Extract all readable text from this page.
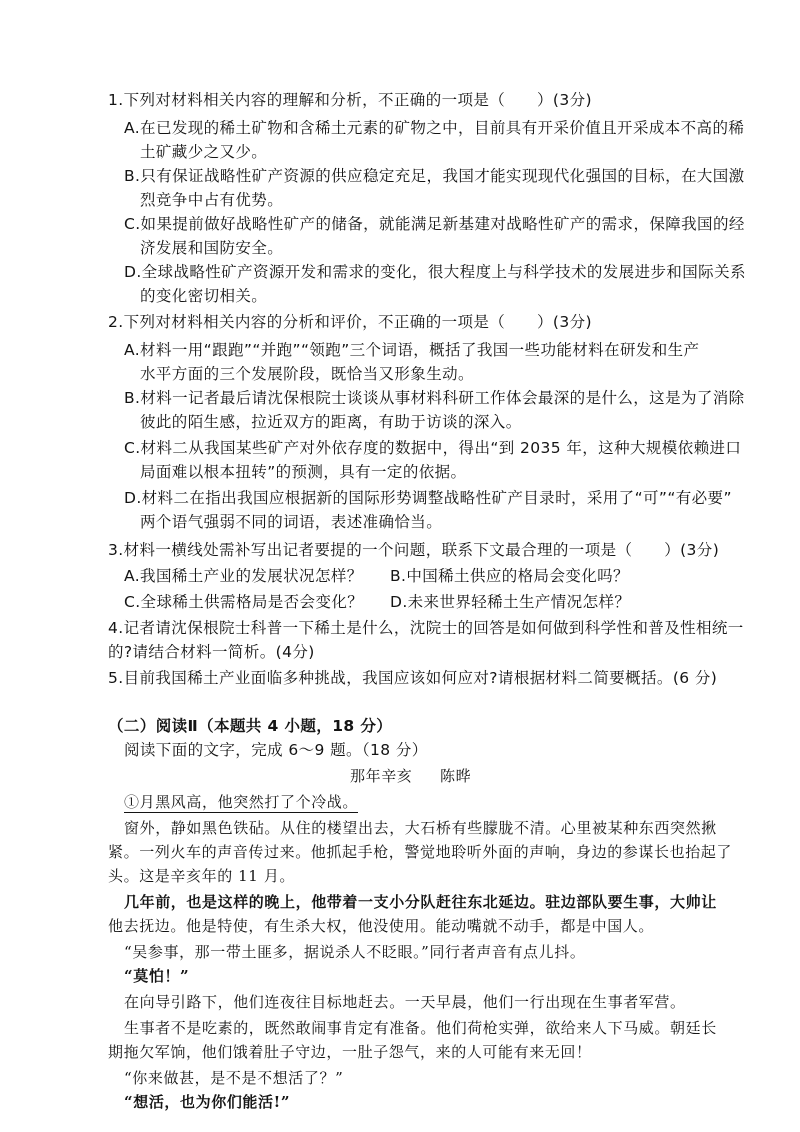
1.下列对材料相关内容的理解和分析，不正确的一项是（　　）(3分)
A.在已发现的稀土矿物和含稀土元素的矿物之中，目前具有开采价值且开采成本不高的稀
土矿藏少之又少。
B.只有保证战略性矿产资源的供应稳定充足，我国才能实现现代化强国的目标，在大国激
烈竞争中占有优势。
C.如果提前做好战略性矿产的储备，就能满足新基建对战略性矿产的需求，保障我国的经
济发展和国防安全。
D.全球战略性矿产资源开发和需求的变化，很大程度上与科学技术的发展进步和国际关系
的变化密切相关。
2.下列对材料相关内容的分析和评价，不正确的一项是（　　）(3分)
A.材料一用“跟跑”“并跑”“领跑”三个词语，概括了我国一些功能材料在研发和生产
水平方面的三个发展阶段，既恰当又形象生动。
B.材料一记者最后请沈保根院士谈谈从事材料科研工作体会最深的是什么，这是为了消除
彼此的陌生感，拉近双方的距离，有助于访谈的深入。
C.材料二从我国某些矿产对外依存度的数据中，得出“到 2035 年，这种大规模依赖进口
局面难以根本扭转”的预测，具有一定的依据。
D.材料二在指出我国应根据新的国际形势调整战略性矿产目录时，采用了“可”“有必要”
两个语气强弱不同的词语，表述准确恰当。
3.材料一横线处需补写出记者要提的一个问题，联系下文最合理的一项是（　　）(3分)
A.我国稀土产业的发展状况怎样？ B.中国稀土供应的格局会变化吗？
C.全球稀土供需格局是否会变化？ D.未来世界轻稀土生产情况怎样？
4.记者请沈保根院士科普一下稀土是什么，沈院士的回答是如何做到科学性和普及性相统一
的?请结合材料一简析。(4分)
5.目前我国稀土产业面临多种挑战，我国应该如何应对?请根据材料二简要概括。(6 分)
（二）阅读Ⅱ（本题共 4 小题，18 分）
阅读下面的文字，完成 6～9 题。（18 分）
那年辛亥 陈晔
①月黑风高，他突然打了个冷战。
窗外，静如黑色铁砧。从住的楼望出去，大石桥有些朦胧不清。心里被某种东西突然揪
紧。一列火车的声音传过来。他抓起手枪，警觉地聆听外面的声响，身边的参谋长也抬起了
头。这是辛亥年的 11 月。
几年前，也是这样的晚上，他带着一支小分队赶往东北延边。驻边部队要生事，大帅让
他去抚边。他是特使，有生杀大权，他没使用。能动嘴就不动手，都是中国人。
“吴参事，那一带土匪多，据说杀人不眨眼。”同行者声音有点儿抖。
“莫怕！”
在向导引路下，他们连夜往目标地赶去。一天早晨，他们一行出现在生事者军营。
生事者不是吃素的，既然敢闹事肯定有准备。他们荷枪实弹，欲给来人下马威。朝廷长
期拖欠军饷，他们饿着肚子守边，一肚子怨气，来的人可能有来无回！
“你来做甚，是不是不想活了？”
“想活，也为你们能活!”
